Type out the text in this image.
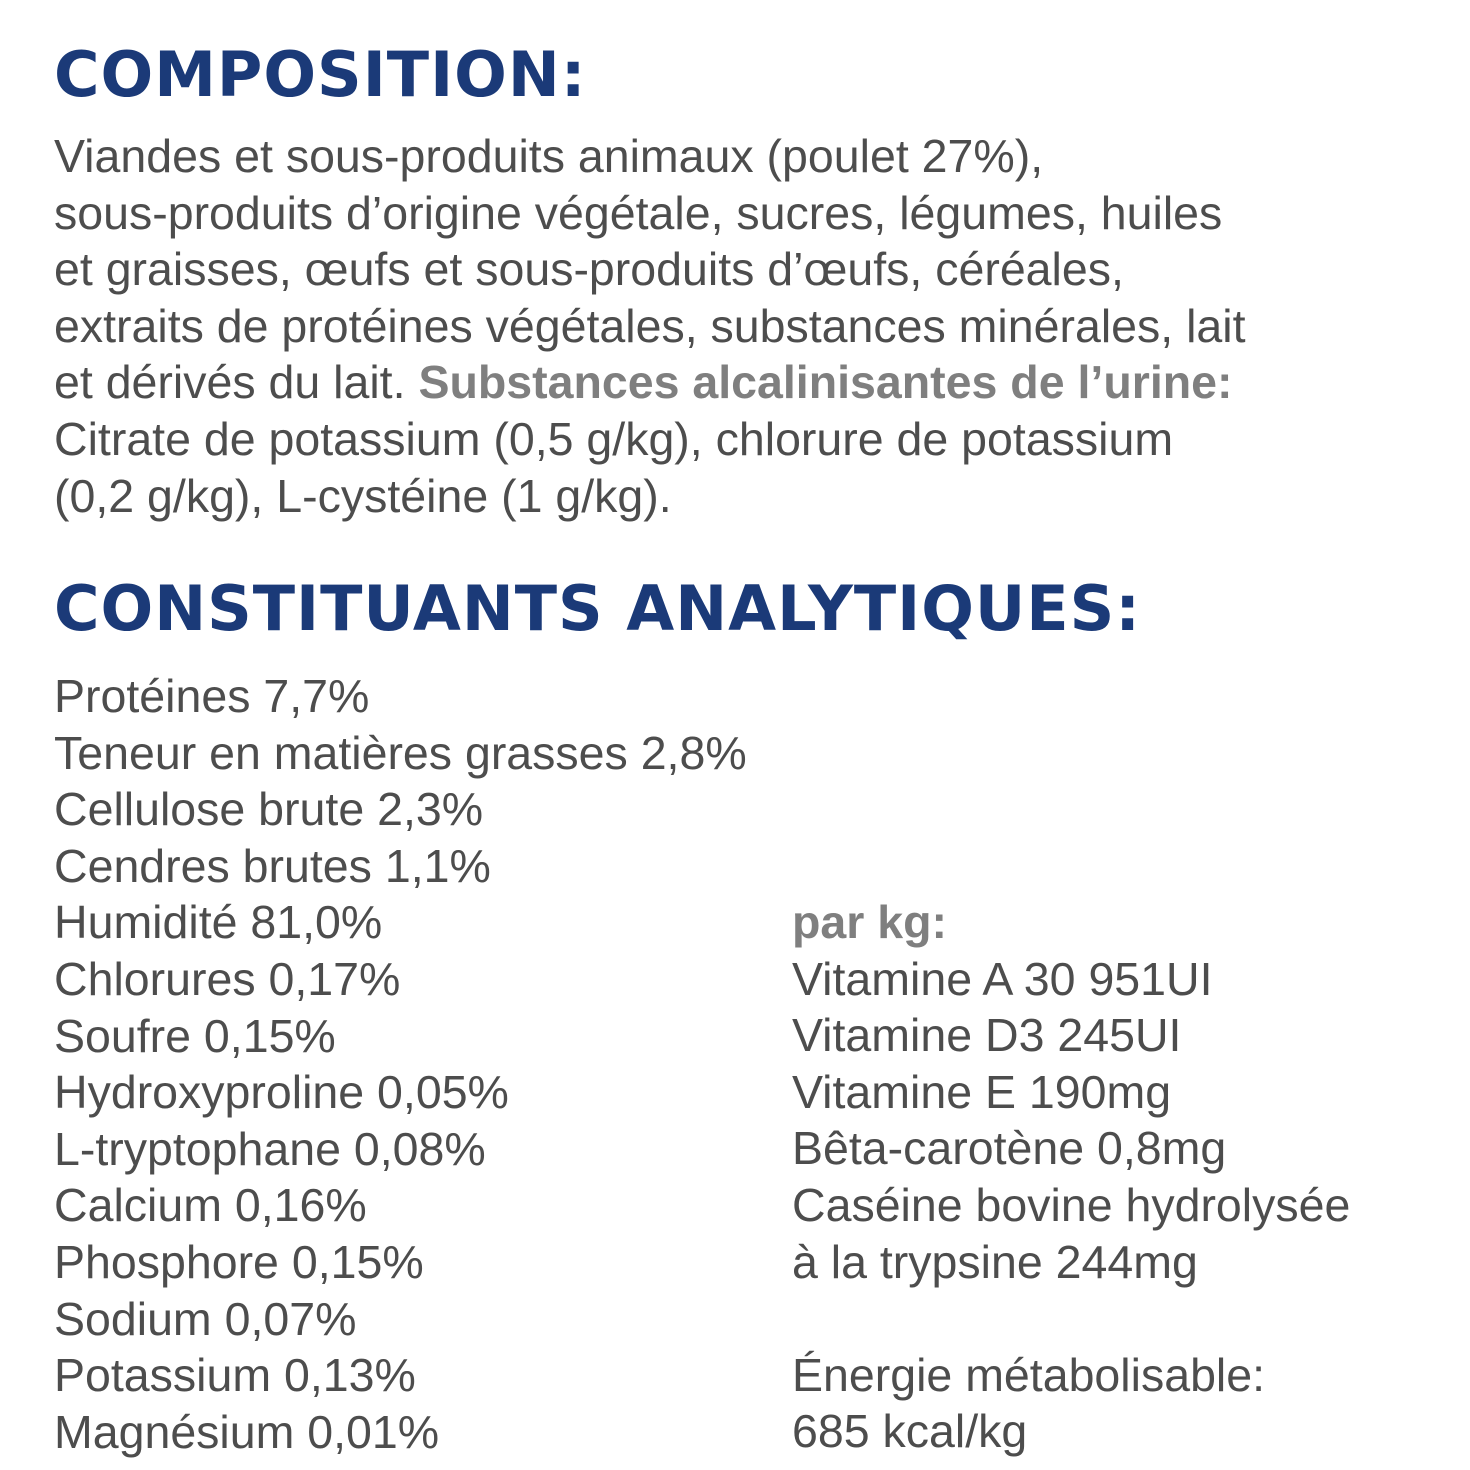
COMPOSITION:

Viandes et sous-produits animaux (poulet 27%),
sous-produits d’origine végétale, sucres, légumes, huiles
et graisses, œufs et sous-produits d’œufs, céréales,
extraits de protéines végétales, substances minérales, lait
et dérivés du lait. Substances alcalinisantes de l’urine:
Citrate de potassium (0,5 g/kg), chlorure de potassium
(0,2 g/kg), L-cystéine (1 g/kg).

CONSTITUANTS ANALYTIQUES:
Protéines 7,7%
Teneur en matières grasses 2,8%
Cellulose brute 2,3%
Cendres brutes 1,1%
Humidité 81,0%
Chlorures 0,17%
Soufre 0,15%
Hydroxyproline 0,05%
L-tryptophane 0,08%
Calcium 0,16%
Phosphore 0,15%
Sodium 0,07%
Potassium 0,13%
Magnésium 0,01%
par kg:
Vitamine A 30 951UI
Vitamine D3 245UI
Vitamine E 190mg
Bêta-carotène 0,8mg
Caséine bovine hydrolysée
à la trypsine 244mg
Énergie métabolisable:
685 kcal/kg
